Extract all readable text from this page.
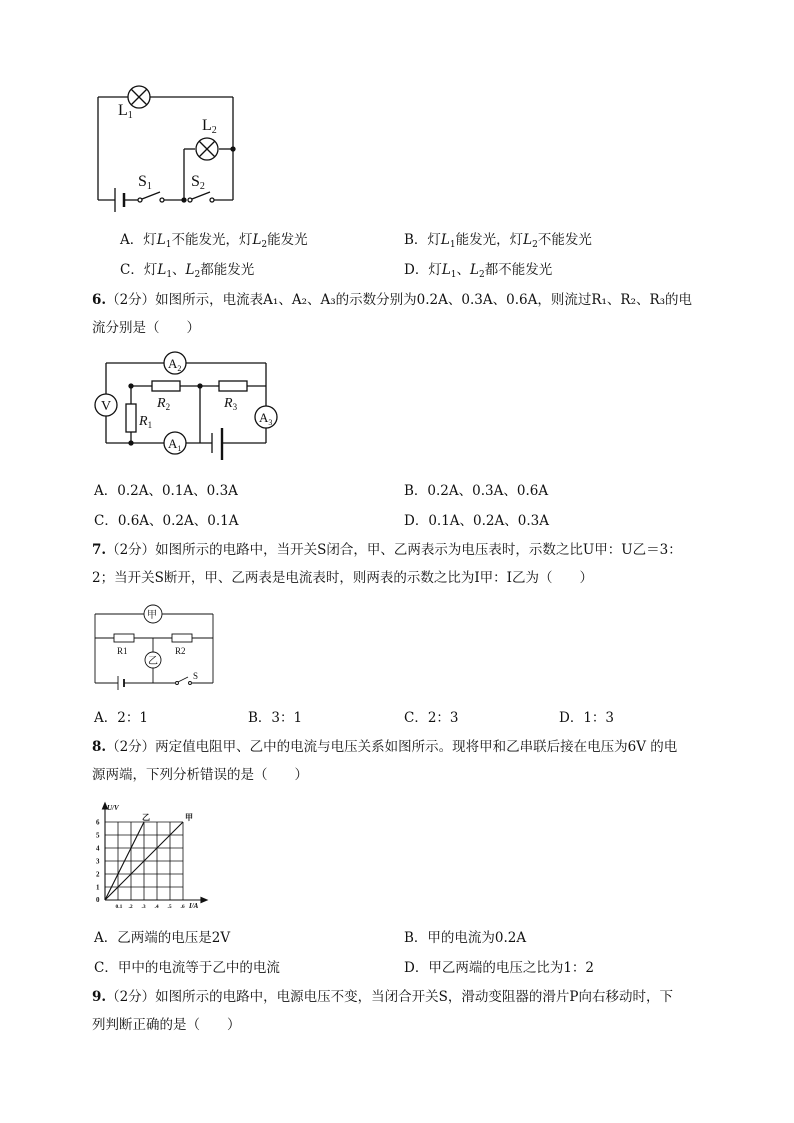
L1
L2
S1 S2
A．灯$L_1$不能发光，灯$L_2$能发光	B．灯$L_1$能发光，灯$L_2$不能发光
C．灯$L_1$、$L_2$都能发光	D．灯$L_1$、$L_2$都不能发光
6.（2分）如图所示，电流表A₁、A₂、A₃的示数分别为0.2A、0.3A、0.6A，则流过R₁、R₂、R₃的电
流分别是（　　）
V
$A_2$
$A_1$
$A_3$
$R_1$
$R_2$	$R_3$
A．0.2A、0.1A、0.3A	B．0.2A、0.3A、0.6A
C．0.6A、0.2A、0.1A	D．0.1A、0.2A、0.3A
7.（2分）如图所示的电路中，当开关S闭合，甲、乙两表示为电压表时，示数之比U甲：U乙＝3：
2；当开关S断开，甲、乙两表是电流表时，则两表的示数之比为I甲：I乙为（　　）
甲
乙
R1	R2
S
A．2：1	B．3：1	C．2：3	D．1：3
8.（2分）两定值电阻甲、乙中的电流与电压关系如图所示。现将甲和乙串联后接在电压为6V 的电
源两端，下列分析错误的是（　　）
0.1 .2 .3 .4 .5 .6
1
2
3
4
5
6
0
U/V
I/A
甲
乙
A．乙两端的电压是2V	B．甲的电流为0.2A
C．甲中的电流等于乙中的电流	D．甲乙两端的电压之比为1：2
9.（2分）如图所示的电路中，电源电压不变，当闭合开关S，滑动变阻器的滑片P向右移动时，下
列判断正确的是（　　）
